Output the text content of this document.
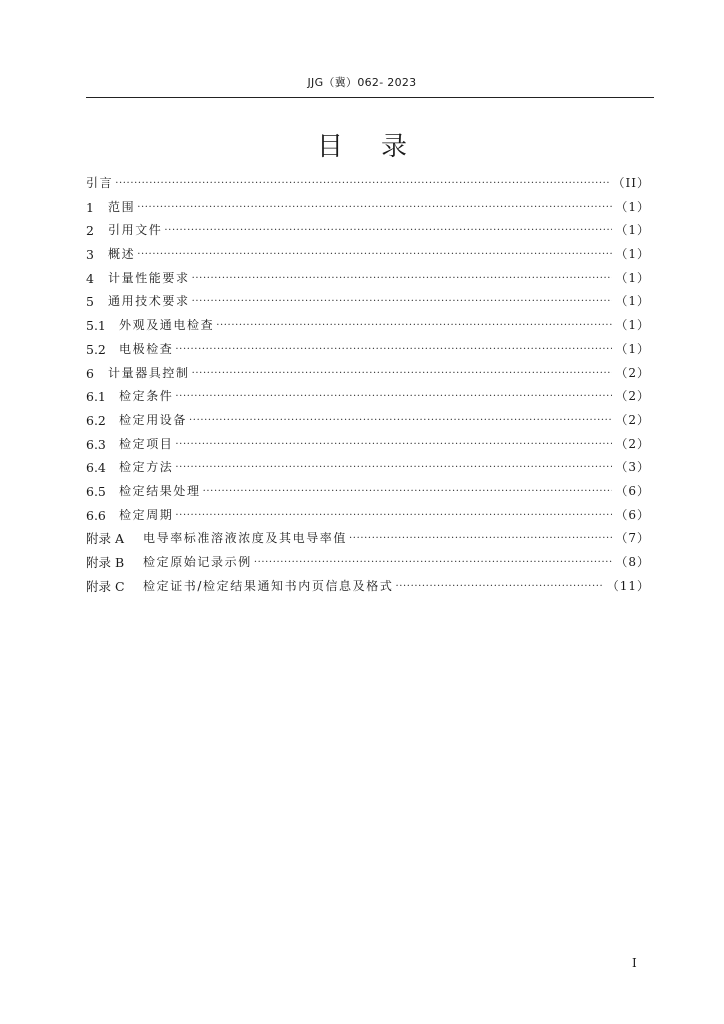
JJG（冀）062- 2023
目录
引言 ·····	（II）
1	范围 ·····	（1）
2	引用文件 ·····	（1）
3	概述 ·····	（1）
4	计量性能要求 ·····	（1）
5	通用技术要求 ·····	（1）
5.1	外观及通电检查 ·····	（1）
5.2	电极检查 ·····	（1）
6	计量器具控制 ·····	（2）
6.1	检定条件 ·····	（2）
6.2	检定用设备 ·····	（2）
6.3	检定项目 ·····	（2）
6.4	检定方法 ·····	（3）
6.5	检定结果处理 ·····	（6）
6.6	检定周期 ·····	（6）
附录 A	电导率标准溶液浓度及其电导率值 ·····	（7）
附录 B	检定原始记录示例 ·····	（8）
附录 C	检定证书/检定结果通知书内页信息及格式 ·····	（11）
I
